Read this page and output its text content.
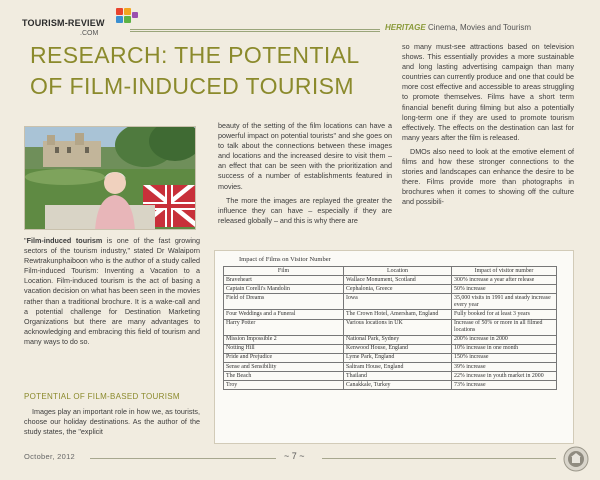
TOURISM-REVIEW
.COM
HERITAGE Cinema, Movies and Tourism
RESEARCH: THE POTENTIAL
OF FILM-INDUCED TOURISM

"Film-induced tourism is one of the fast growing sectors of the tourism industry," stated Dr Walaiporn Rewtrakunphaiboon who is the author of a study called Film-induced Tourism: Inventing a Vacation to a Location. Film-induced tourism is the act of basing a vacation decision on what has been seen in the movies rather than a traditional brochure. It is a wake-call and a potential challenge for Destination Marketing Organizations but there are many advantages to acknowledging and embracing this field of tourism and many ways to do so.

POTENTIAL OF FILM-BASED TOURISM

Images play an important role in how we, as tourists, choose our holiday destinations. As the author of the study states, the "explicit

beauty of the setting of the film locations can have a powerful impact on potential tourists" and she goes on to talk about the connections between these images and locations and the increased desire to visit them – an effect that can be seen with the prioritization and success of a number of establishments featured in movies.

The more the images are replayed the greater the influence they can have – especially if they are released globally – and this is why there are

so many must-see attractions based on television shows. This essentially provides a more sustainable and long lasting advertising campaign than many countries can currently produce and one that could be more cost effective and accessible to areas struggling to promote themselves. Films have a short term financial benefit during filming but also a potentially long-term one if they are used to promote tourism effectively. The effects on the destination can last for many years after the film is released.

DMOs also need to look at the emotive element of films and how these stronger connections to the stories and landscapes can enhance the desire to be there. Films provide more than photographs in brochures when it comes to showing off the culture and possibili-

Impact of Films on Visitor Number
Film	Location	Impact of visitor number
Braveheart	Wallace Monument, Scotland	300% increase a year after release
Captain Corelli's Mandolin	Cephalonia, Greece	50% increase
Field of Dreams	Iowa	35,000 visits in 1991 and steady increase every year
Four Weddings and a Funeral	The Crown Hotel, Amersham, England	Fully booked for at least 3 years
Harry Potter	Various locations in UK	Increase of 50% or more in all filmed locations
Mission Impossible 2	National Park, Sydney	200% increase in 2000
Notting Hill	Kenwood House, England	10% increase in one month
Pride and Prejudice	Lyme Park, England	150% increase
Sense and Sensibility	Saltram House, England	39% increase
The Beach	Thailand	22% increase in youth market in 2000
Troy	Canakkale, Turkey	73% increase
October, 2012	~ 7 ~
